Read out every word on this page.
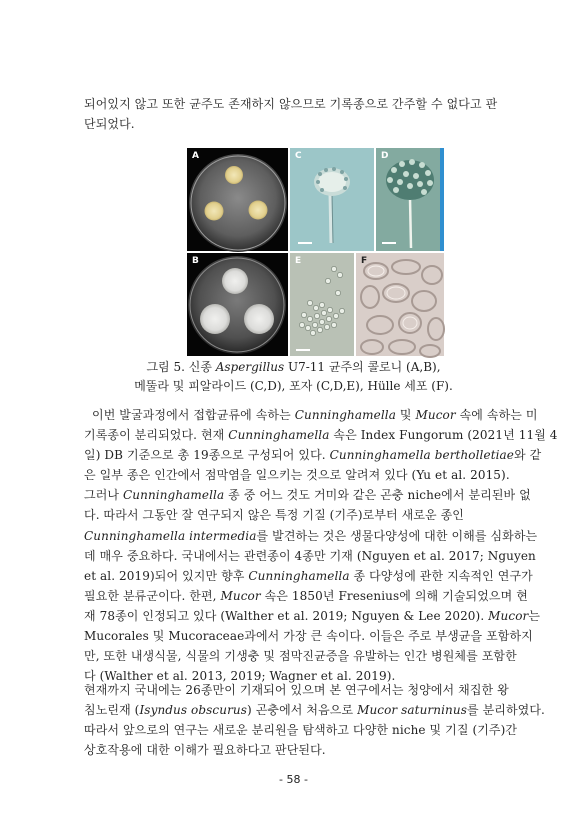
되어있지 않고 또한 균주도 존재하지 않으므로 기록종으로 간주할 수 없다고 판
단되었다.
A
B
C	D
E	F
그림 5. 신종 Aspergillus U7-11 균주의 콜로니 (A,B),
메뚤라 및 피알라이드 (C,D), 포자 (C,D,E), Hülle 세포 (F).
이번 발굴과정에서 접합균류에 속하는 Cunninghamella 및 Mucor 속에 속하는 미
기록종이 분리되었다. 현재 Cunninghamella 속은 Index Fungorum (2021년 11월 4
일) DB 기준으로 총 19종으로 구성되어 있다. Cunninghamella bertholletiae와 같
은 일부 종은 인간에서 점막염을 일으키는 것으로 알려져 있다 (Yu et al. 2015).
그러나 Cunninghamella 종 중 어느 것도 거미와 같은 곤충 niche에서 분리된바 없
다. 따라서 그동안 잘 연구되지 않은 특정 기질 (기주)로부터 새로운 종인
Cunninghamella intermedia를 발견하는 것은 생물다양성에 대한 이해를 심화하는
데 매우 중요하다. 국내에서는 관련종이 4종만 기재 (Nguyen et al. 2017; Nguyen
et al. 2019)되어 있지만 향후 Cunninghamella 종 다양성에 관한 지속적인 연구가
필요한 분류군이다. 한편, Mucor 속은 1850년 Fresenius에 의해 기술되었으며 현
재 78종이 인정되고 있다 (Walther et al. 2019; Nguyen & Lee 2020). Mucor는
Mucorales 및 Mucoraceae과에서 가장 큰 속이다. 이들은 주로 부생균을 포함하지
만, 또한 내생식물, 식물의 기생충 및 점막진균증을 유발하는 인간 병원체를 포함한
다 (Walther et al. 2013, 2019; Wagner et al. 2019).
현재까지 국내에는 26종만이 기재되어 있으며 본 연구에서는 청양에서 채집한 왕
침노린재 (Isyndus obscurus) 곤충에서 처음으로 Mucor saturninus를 분리하였다.
따라서 앞으로의 연구는 새로운 분리원을 탐색하고 다양한 niche 및 기질 (기주)간
상호작용에 대한 이해가 필요하다고 판단된다.
- 58 -
